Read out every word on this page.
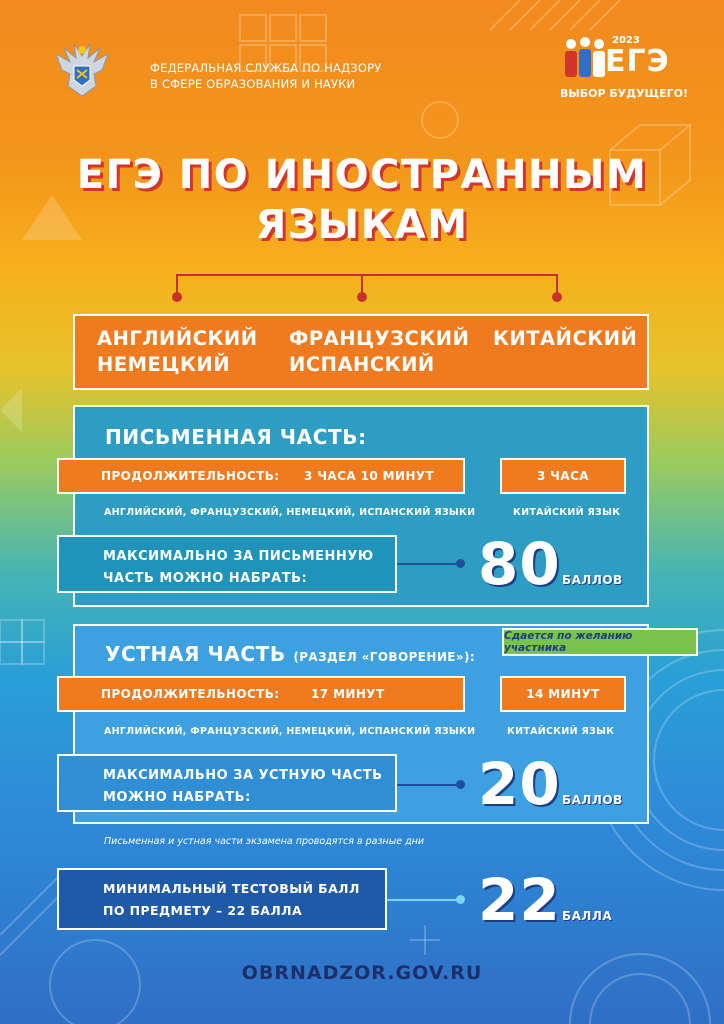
ФЕДЕРАЛЬНАЯ СЛУЖБА ПО НАДЗОРУ
В СФЕРЕ ОБРАЗОВАНИЯ И НАУКИ
2023
ЕГЭ
ВЫБОР БУДУЩЕГО!
ЕГЭ ПО ИНОСТРАННЫМ
ЯЗЫКАМ
АНГЛИЙСКИЙ
НЕМЕЦКИЙ
ФРАНЦУЗСКИЙ
ИСПАНСКИЙ
КИТАЙСКИЙ
ПИСЬМЕННАЯ ЧАСТЬ:
ПРОДОЛЖИТЕЛЬНОСТЬ: 3 ЧАСА 10 МИНУТ	3 ЧАСА
АНГЛИЙСКИЙ, ФРАНЦУЗСКИЙ, НЕМЕЦКИЙ, ИСПАНСКИЙ ЯЗЫКИ	КИТАЙСКИЙ ЯЗЫК
МАКСИМАЛЬНО ЗА ПИСЬМЕННУЮ
ЧАСТЬ МОЖНО НАБРАТЬ:	80 БАЛЛОВ
УСТНАЯ ЧАСТЬ (РАЗДЕЛ «ГОВОРЕНИЕ»):
Сдается по желанию участника
ПРОДОЛЖИТЕЛЬНОСТЬ:	17 МИНУТ	14 МИНУТ
АНГЛИЙСКИЙ, ФРАНЦУЗСКИЙ, НЕМЕЦКИЙ, ИСПАНСКИЙ ЯЗЫКИ	КИТАЙСКИЙ ЯЗЫК
МАКСИМАЛЬНО ЗА УСТНУЮ ЧАСТЬ
МОЖНО НАБРАТЬ:	20 БАЛЛОВ
Письменная и устная части экзамена проводятся в разные дни
МИНИМАЛЬНЫЙ ТЕСТОВЫЙ БАЛЛ
ПО ПРЕДМЕТУ – 22 БАЛЛА	22 БАЛЛА
OBRNADZOR.GOV.RU
